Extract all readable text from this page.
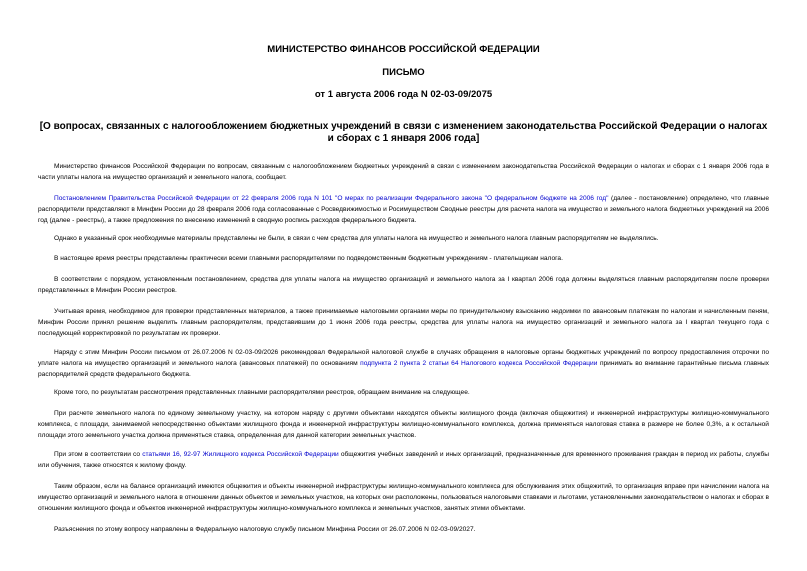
МИНИСТЕРСТВО ФИНАНСОВ РОССИЙСКОЙ ФЕДЕРАЦИИ
ПИСЬМО
от 1 августа 2006 года N 02-03-09/2075
[О вопросах, связанных с налогообложением бюджетных учреждений в связи с изменением законодательства Российской Федерации о налогах и сборах с 1 января 2006 года]

Министерство финансов Российской Федерации по вопросам, связанным с налогообложением бюджетных учреждений в связи с изменением законодательства Российской Федерации о налогах и сборах с 1 января 2006 года в части уплаты налога на имущество организаций и земельного налога, сообщает.

Постановлением Правительства Российской Федерации от 22 февраля 2006 года N 101 "О мерах по реализации Федерального закона "О федеральном бюджете на 2006 год" (далее - постановление) определено, что главные распорядители представляют в Минфин России до 28 февраля 2006 года согласованные с Росведвижимостью и Росимуществом Сводные реестры для расчета налога на имущество и земельного налога бюджетных учреждений на 2006 год (далее - реестры), а также предложения по внесению изменений в сводную роспись расходов федерального бюджета.

Однако в указанный срок необходимые материалы представлены не были, в связи с чем средства для уплаты налога на имущество и земельного налога главным распорядителям не выделялись.

В настоящее время реестры представлены практически всеми главными распорядителями по подведомственным бюджетным учреждениям - плательщикам налога.

В соответствии с порядком, установленным постановлением, средства для уплаты налога на имущество организаций и земельного налога за I квартал 2006 года должны выделяться главным распорядителям после проверки представленных в Минфин России реестров.

Учитывая время, необходимое для проверки представленных материалов, а также принимаемые налоговыми органами меры по принудительному взысканию недоимки по авансовым платежам по налогам и начисленным пеням, Минфин России принял решение выделить главным распорядителям, представившим до 1 июня 2006 года реестры, средства для уплаты налога на имущество организаций и земельного налога за I квартал текущего года с последующей корректировкой по результатам их проверки.

Наряду с этим Минфин России письмом от 26.07.2006 N 02-03-09/2026 рекомендовал Федеральной налоговой службе в случаях обращения в налоговые органы бюджетных учреждений по вопросу предоставления отсрочки по уплате налога на имущество организаций и земельного налога (авансовых платежей) по основаниям подпункта 2 пункта 2 статьи 64 Налогового кодекса Российской Федерации принимать во внимание гарантийные письма главных распорядителей средств федерального бюджета.

Кроме того, по результатам рассмотрения представленных главными распорядителями реестров, обращаем внимание на следующее.

При расчете земельного налога по единому земельному участку, на котором наряду с другими объектами находятся объекты жилищного фонда (включая общежития) и инженерной инфраструктуры жилищно-коммунального комплекса, с площади, занимаемой непосредственно объектами жилищного фонда и инженерной инфраструктуры жилищно-коммунального комплекса, должна применяться налоговая ставка в размере не более 0,3%, а к остальной площади этого земельного участка должна применяться ставка, определенная для данной категории земельных участков.

При этом в соответствии со статьями 16, 92-97 Жилищного кодекса Российской Федерации общежития учебных заведений и иных организаций, предназначенные для временного проживания граждан в период их работы, службы или обучения, также относятся к жилому фонду.

Таким образом, если на балансе организаций имеются общежития и объекты инженерной инфраструктуры жилищно-коммунального комплекса для обслуживания этих общежитий, то организация вправе при начислении налога на имущество организаций и земельного налога в отношении данных объектов и земельных участков, на которых они расположены, пользоваться налоговыми ставками и льготами, установленными законодательством о налогах и сборах в отношении жилищного фонда и объектов инженерной инфраструктуры жилищно-коммунального комплекса и земельных участков, занятых этими объектами.

Разъяснения по этому вопросу направлены в Федеральную налоговую службу письмом Минфина России от 26.07.2006 N 02-03-09/2027.
